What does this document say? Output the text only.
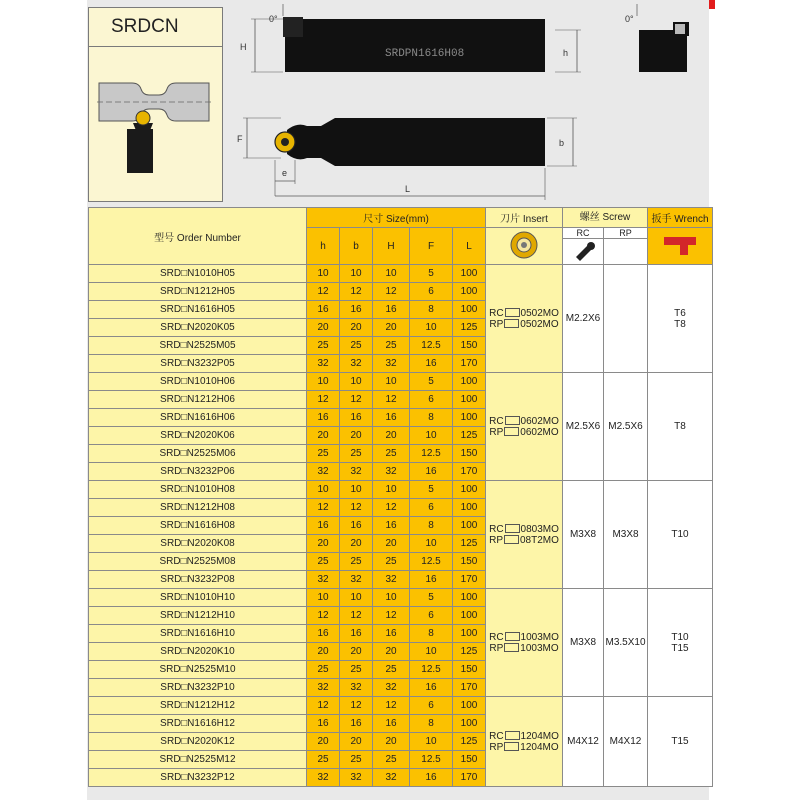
SRDCN
SRDPN1616H08
0°	0°
H
h
b
F
e
L
型号 Order Number	尺寸 Size(mm)					刀片 Insert	螺丝 Screw		扳手 Wrench
	h	b	H	F	L		RC	RP

SRD□N1010H05	10	10	10	5	100	RC 0502MO
RP 0502MO	M2.2X6		T6
T8
SRD□N1212H05	12	12	12	6	100				
SRD□N1616H05	16	16	16	8	100				
SRD□N2020K05	20	20	20	10	125				
SRD□N2525M05	25	25	25	12.5	150				
SRD□N3232P05	32	32	32	16	170				
SRD□N1010H06	10	10	10	5	100	RC 0602MO
RP 0602MO	M2.5X6	M2.5X6	T8
SRD□N1212H06	12	12	12	6	100				
SRD□N1616H06	16	16	16	8	100				
SRD□N2020K06	20	20	20	10	125				
SRD□N2525M06	25	25	25	12.5	150				
SRD□N3232P06	32	32	32	16	170				
SRD□N1010H08	10	10	10	5	100	RC 0803MO
RP 08T2MO	M3X8	M3X8	T10
SRD□N1212H08	12	12	12	6	100				
SRD□N1616H08	16	16	16	8	100				
SRD□N2020K08	20	20	20	10	125				
SRD□N2525M08	25	25	25	12.5	150				
SRD□N3232P08	32	32	32	16	170				
SRD□N1010H10	10	10	10	5	100	RC 1003MO
RP 1003MO	M3X8	M3.5X10	T10
T15
SRD□N1212H10	12	12	12	6	100				
SRD□N1616H10	16	16	16	8	100				
SRD□N2020K10	20	20	20	10	125				
SRD□N2525M10	25	25	25	12.5	150				
SRD□N3232P10	32	32	32	16	170				
SRD□N1212H12	12	12	12	6	100	RC 1204MO
RP 1204MO	M4X12	M4X12	T15
SRD□N1616H12	16	16	16	8	100				
SRD□N2020K12	20	20	20	10	125				
SRD□N2525M12	25	25	25	12.5	150				
SRD□N3232P12	32	32	32	16	170				
